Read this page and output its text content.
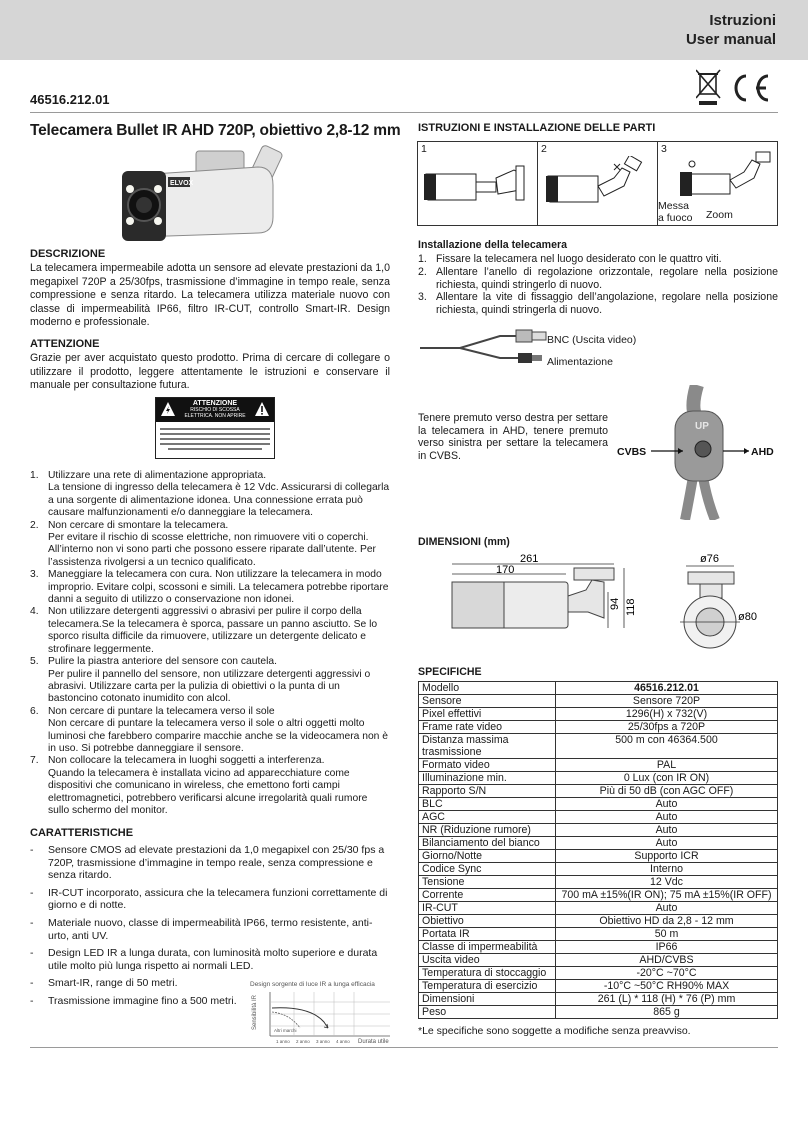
Istruzioni
User manual
46516.212.01
Telecamera Bullet IR AHD 720P, obiettivo 2,8-12 mm
ELVOX
DESCRIZIONE

La telecamera impermeabile adotta un sensore ad elevate prestazioni da 1,0 megapixel 720P a 25/30fps, trasmissione d’immagine in tempo reale, senza compressione e senza ritardo. La telecamera utilizza materiale nuovo con classe di impermeabilità IP66, filtro IR-CUT, controllo Smart-IR. Design moderno e professionale.

ATTENZIONE

Grazie per aver acquistato questo prodotto. Prima di cercare di collegare o utilizzare il prodotto, leggere attentamente le istruzioni e conservare il manuale per consultazione futura.

ATTENZIONE
RISCHIO DI SCOSSA
ELETTRICA. NON APRIRE
1. Utilizzare una rete di alimentazione appropriata.
La tensione di ingresso della telecamera è 12 Vdc. Assicurarsi di collegarla a una sorgente di alimentazione idonea. Una connessione errata può causare malfunzionamenti e/o danneggiare la telecamera.
2. Non cercare di smontare la telecamera.
Per evitare il rischio di scosse elettriche, non rimuovere viti o coperchi. All’interno non vi sono parti che possono essere riparate dall’utente. Per l’assistenza rivolgersi a un tecnico qualificato.
3. Maneggiare la telecamera con cura. Non utilizzare la telecamera in modo improprio. Evitare colpi, scossoni e simili. La telecamera potrebbe riportare danni a seguito di utilizzo o conservazione non idonei.
4. Non utilizzare detergenti aggressivi o abrasivi per pulire il corpo della telecamera.Se la telecamera è sporca, passare un panno asciutto. Se lo sporco risulta difficile da rimuovere, utilizzare un detergente delicato e strofinare leggermente.
5. Pulire la piastra anteriore del sensore con cautela.
Per pulire il pannello del sensore, non utilizzare detergenti aggressivi o abrasivi. Utilizzare carta per la pulizia di obiettivi o la punta di un bastoncino cotonato inumidito con alcol.
6. Non cercare di puntare la telecamera verso il sole
Non cercare di puntare la telecamera verso il sole o altri oggetti molto luminosi che farebbero comparire macchie anche se la videocamera non è in uso. Si potrebbe danneggiare il sensore.
7. Non collocare la telecamera in luoghi soggetti a interferenza.
Quando la telecamera è installata vicino ad apparecchiature come dispositivi che comunicano in wireless, che emettono forti campi elettromagnetici, potrebbero verificarsi alcune irregolarità quali rumore sullo schermo del monitor.
CARATTERISTICHE
-	Sensore CMOS ad elevate prestazioni da 1,0 megapixel con 25/30 fps a 720P, trasmissione d’immagine in tempo reale, senza compressione e senza ritardo.
-	IR-CUT incorporato, assicura che la telecamera funzioni correttamente di giorno e di notte.
-	Materiale nuovo, classe di impermeabilità IP66, termo resistente, anti-urto, anti UV.
-	Design LED IR a lunga durata, con luminosità molto superiore e durata utile molto più lunga rispetto ai normali LED.
-	Smart-IR, range di 50 metri.
-	Trasmissione immagine fino a 500 metri.
Design sorgente di luce IR a lunga efficacia
Sensibilità IR
Altri marchi
1 anno 2 anno 3 anno 4 anno Durata utile
ISTRUZIONI E INSTALLAZIONE DELLE PARTI
1	2	3
Messa
a fuoco Zoom
Installazione della telecamera
1. Fissare la telecamera nel luogo desiderato con le quattro viti.
2. Allentare l’anello di regolazione orizzontale, regolare nella posizione richiesta, quindi stringerlo di nuovo.
3. Allentare la vite di fissaggio dell’angolazione, regolare nella posizione richiesta, quindi stringerla di nuovo.
BNC (Uscita video)
Alimentazione
Tenere premuto verso destra per settare la telecamera in AHD, tenere premuto verso sinistra per settare la telecamera in CVBS.
UP
CVBS	AHD
DIMENSIONI (mm)
261
170
94 118
ø76
ø80
SPECIFICHE
Modello	46516.212.01
Sensore	Sensore 720P
Pixel effettivi	1296(H) x 732(V)
Frame rate video	25/30fps a 720P
Distanza massima
trasmissione	500 m con 46364.500
Formato video	PAL
Illuminazione min.	0 Lux (con IR ON)
Rapporto S/N	Più di 50 dB (con AGC OFF)
BLC	Auto
AGC	Auto
NR (Riduzione rumore)	Auto
Bilanciamento del bianco	Auto
Giorno/Notte	Supporto ICR
Codice Sync	Interno
Tensione	12 Vdc
Corrente	700 mA ±15%(IR ON); 75 mA ±15%(IR OFF)
IR-CUT	Auto
Obiettivo	Obiettivo HD da 2,8 - 12 mm
Portata IR	50 m
Classe di impermeabilità	IP66
Uscita video	AHD/CVBS
Temperatura di stoccaggio	-20°C ~70°C
Temperatura di esercizio	-10°C ~50°C RH90% MAX
Dimensioni	261 (L) * 118 (H) * 76 (P) mm
Peso	865 g
*Le specifiche sono soggette a modifiche senza preavviso.
